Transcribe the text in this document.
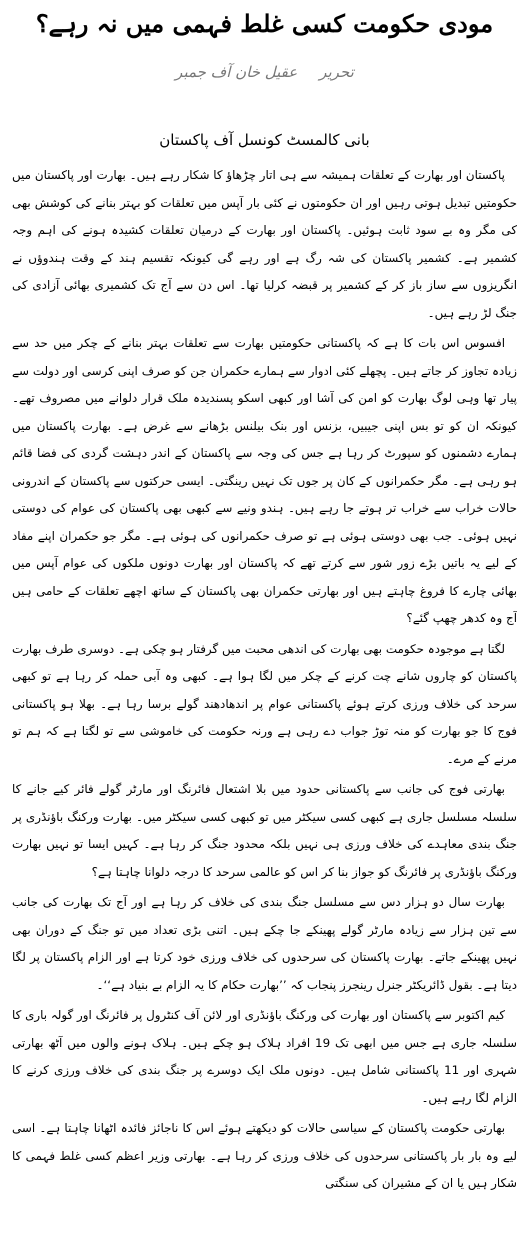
مودی حکومت کسی غلط فہمی میں نہ رہے؟
تحریرعقیل خان آف جمبر
بانی کالمسٹ کونسل آف پاکستان

پاکستان اور بھارت کے تعلقات ہمیشہ سے ہی اتار چڑھاؤ کا شکار رہے ہیں۔ بھارت اور پاکستان میں حکومتیں تبدیل ہوتی رہیں اور ان حکومتوں نے کئی بار آپس میں تعلقات کو بہتر بنانے کی کوشش بھی کی مگر وہ بے سود ثابت ہوئیں۔ پاکستان اور بھارت کے درمیان تعلقات کشیدہ ہونے کی اہم وجہ کشمیر ہے۔ کشمیر پاکستان کی شہ رگ ہے اور رہے گی کیونکہ تقسیم ہند کے وقت ہندوؤں نے انگریزوں سے ساز باز کر کے کشمیر پر قبضہ کرلیا تھا۔ اس دن سے آج تک کشمیری بھائی آزادی کی جنگ لڑ رہے ہیں۔

افسوس اس بات کا ہے کہ پاکستانی حکومتیں بھارت سے تعلقات بہتر بنانے کے چکر میں حد سے زیادہ تجاوز کر جاتے ہیں۔ پچھلے کئی ادوار سے ہمارے حکمران جن کو صرف اپنی کرسی اور دولت سے پیار تھا وہی لوگ بھارت کو امن کی آشا اور کبھی اسکو پسندیدہ ملک قرار دلوانے میں مصروف تھے۔ کیونکہ ان کو تو بس اپنی جیبیں، بزنس اور بنک بیلنس بڑھانے سے غرض ہے۔ بھارت پاکستان میں ہمارے دشمنوں کو سپورٹ کر رہا ہے جس کی وجہ سے پاکستان کے اندر دہشت گردی کی فضا قائم ہو رہی ہے۔ مگر حکمرانوں کے کان پر جوں تک نہیں رینگتی۔ ایسی حرکتوں سے پاکستان کے اندرونی حالات خراب سے خراب تر ہوتے جا رہے ہیں۔ ہندو ونیے سے کبھی بھی پاکستان کی عوام کی دوستی نہیں ہوئی۔ جب بھی دوستی ہوئی ہے تو صرف حکمرانوں کی ہوئی ہے۔ مگر جو حکمران اپنے مفاد کے لیے یہ باتیں بڑے زور شور سے کرتے تھے کہ پاکستان اور بھارت دونوں ملکوں کی عوام آپس میں بھائی چارے کا فروغ چاہتے ہیں اور بھارتی حکمران بھی پاکستان کے ساتھ اچھے تعلقات کے حامی ہیں آج وہ کدھر چھپ گئے؟

لگتا ہے موجودہ حکومت بھی بھارت کی اندھی محبت میں گرفتار ہو چکی ہے۔ دوسری طرف بھارت پاکستان کو چاروں شانے چت کرنے کے چکر میں لگا ہوا ہے۔ کبھی وہ آبی حملہ کر رہا ہے تو کبھی سرحد کی خلاف ورزی کرتے ہوئے پاکستانی عوام پر اندھادھند گولے برسا رہا ہے۔ بھلا ہو پاکستانی فوج کا جو بھارت کو منہ توڑ جواب دے رہی ہے ورنہ حکومت کی خاموشی سے تو لگتا ہے کہ ہم تو مرنے کے مرے۔

بھارتی فوج کی جانب سے پاکستانی حدود میں بلا اشتعال فائرنگ اور مارٹر گولے فائر کیے جانے کا سلسلہ مسلسل جاری ہے کبھی کسی سیکٹر میں تو کبھی کسی سیکٹر میں۔ بھارت ورکنگ باؤنڈری پر جنگ بندی معاہدے کی خلاف ورزی ہی نہیں بلکہ محدود جنگ کر رہا ہے۔ کہیں ایسا تو نہیں بھارت ورکنگ باؤنڈری پر فائرنگ کو جواز بنا کر اس کو عالمی سرحد کا درجہ دلوانا چاہتا ہے؟

بھارت سال دو ہزار دس سے مسلسل جنگ بندی کی خلاف کر رہا ہے اور آج تک بھارت کی جانب سے تین ہزار سے زیادہ مارٹر گولے پھینکے جا چکے ہیں۔ اتنی بڑی تعداد میں تو جنگ کے دوران بھی نہیں پھینکے جاتے۔ بھارت پاکستان کی سرحدوں کی خلاف ورزی خود کرتا ہے اور الزام پاکستان پر لگا دیتا ہے۔ بقول ڈائریکٹر جنرل رینجرز پنجاب کہ ’’بھارت حکام کا یہ الزام بے بنیاد ہے‘‘۔

کیم اکتوبر سے پاکستان اور بھارت کی ورکنگ باؤنڈری اور لائن آف کنٹرول پر فائرنگ اور گولہ باری کا سلسلہ جاری ہے جس میں ابھی تک 19 افراد ہلاک ہو چکے ہیں۔ ہلاک ہونے والوں میں آٹھ بھارتی شہری اور 11 پاکستانی شامل ہیں۔ دونوں ملک ایک دوسرے پر جنگ بندی کی خلاف ورزی کرنے کا الزام لگا رہے ہیں۔

بھارتی حکومت پاکستان کے سیاسی حالات کو دیکھتے ہوئے اس کا ناجائز فائدہ اٹھانا چاہتا ہے۔ اسی لیے وہ بار بار پاکستانی سرحدوں کی خلاف ورزی کر رہا ہے۔ بھارتی وزیر اعظم کسی غلط فہمی کا شکار ہیں یا ان کے مشیران کی سنگتی
